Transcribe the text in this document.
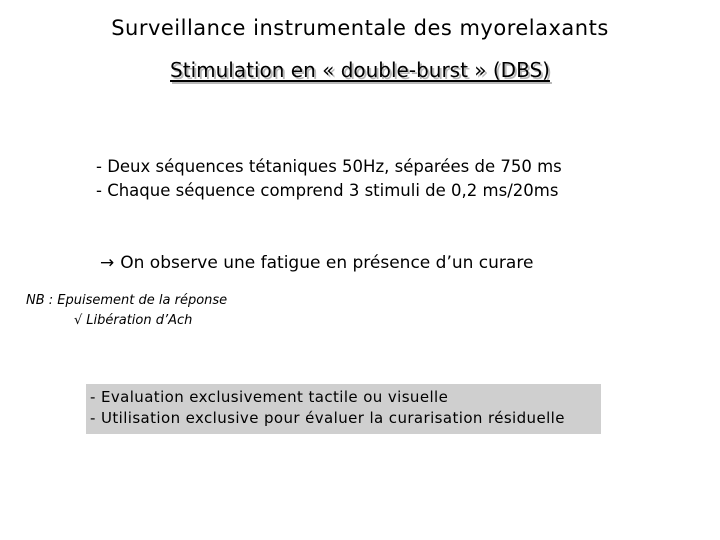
Surveillance instrumentale des myorelaxants
Stimulation en « double-burst » (DBS)
- Deux séquences tétaniques 50Hz, séparées de 750 ms
- Chaque séquence comprend 3 stimuli de 0,2 ms/20ms
→ On observe une fatigue en présence d’un curare
NB : Epuisement de la réponse
√ Libération d’Ach
- Evaluation exclusivement tactile ou visuelle
- Utilisation exclusive pour évaluer la curarisation résiduelle
